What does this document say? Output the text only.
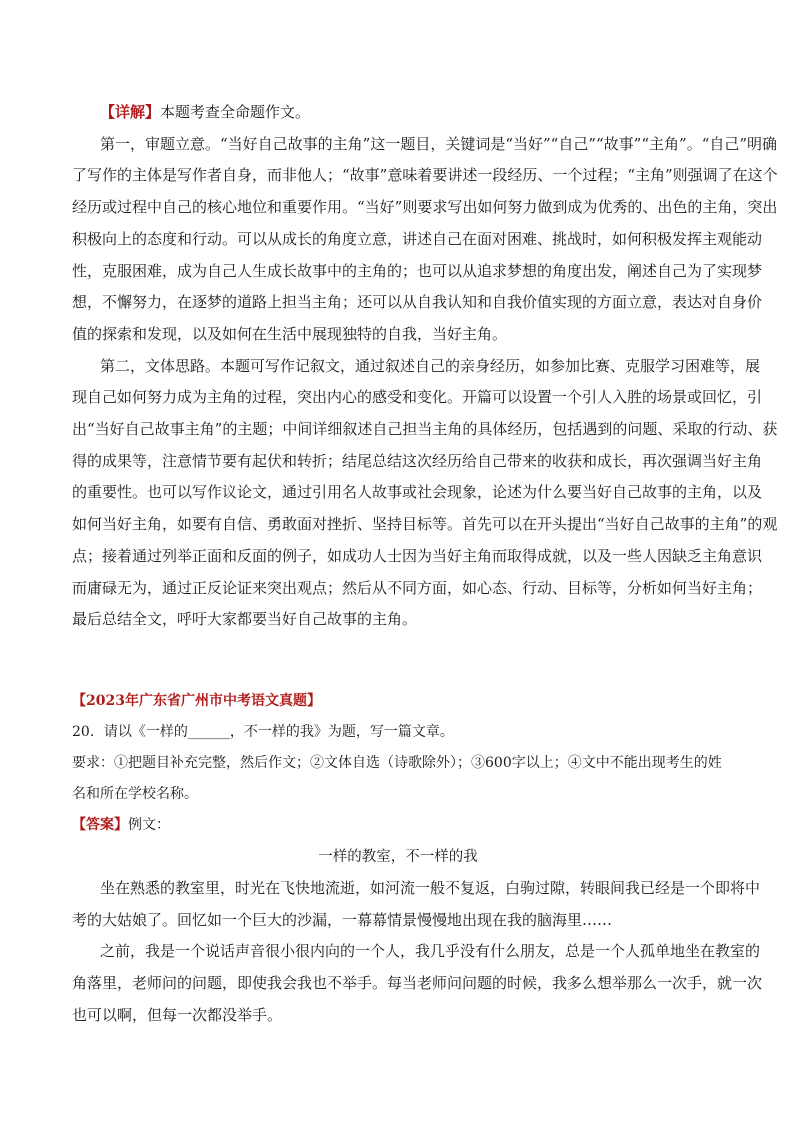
【详解】本题考查全命题作文。
第一，审题立意。“当好自己故事的主角”这一题目，关键词是“当好”“自己”“故事”“主角”。“自己”明确
了写作的主体是写作者自身，而非他人；“故事”意味着要讲述一段经历、一个过程；“主角”则强调了在这个
经历或过程中自己的核心地位和重要作用。“当好”则要求写出如何努力做到成为优秀的、出色的主角，突出
积极向上的态度和行动。可以从成长的角度立意，讲述自己在面对困难、挑战时，如何积极发挥主观能动
性，克服困难，成为自己人生成长故事中的主角的；也可以从追求梦想的角度出发，阐述自己为了实现梦
想，不懈努力，在逐梦的道路上担当主角；还可以从自我认知和自我价值实现的方面立意，表达对自身价
值的探索和发现，以及如何在生活中展现独特的自我，当好主角。
第二，文体思路。本题可写作记叙文，通过叙述自己的亲身经历，如参加比赛、克服学习困难等，展
现自己如何努力成为主角的过程，突出内心的感受和变化。开篇可以设置一个引人入胜的场景或回忆，引
出“当好自己故事主角”的主题；中间详细叙述自己担当主角的具体经历，包括遇到的问题、采取的行动、获
得的成果等，注意情节要有起伏和转折；结尾总结这次经历给自己带来的收获和成长，再次强调当好主角
的重要性。也可以写作议论文，通过引用名人故事或社会现象，论述为什么要当好自己故事的主角，以及
如何当好主角，如要有自信、勇敢面对挫折、坚持目标等。首先可以在开头提出“当好自己故事的主角”的观
点；接着通过列举正面和反面的例子，如成功人士因为当好主角而取得成就，以及一些人因缺乏主角意识
而庸碌无为，通过正反论证来突出观点；然后从不同方面，如心态、行动、目标等，分析如何当好主角；
最后总结全文，呼吁大家都要当好自己故事的主角。
【2023年广东省广州市中考语文真题】
20．请以《一样的______，不一样的我》为题，写一篇文章。
要求：①把题目补充完整，然后作文；②文体自选（诗歌除外）；③600字以上；④文中不能出现考生的姓
名和所在学校名称。
【答案】例文：
一样的教室，不一样的我
坐在熟悉的教室里，时光在飞快地流逝，如河流一般不复返，白驹过隙，转眼间我已经是一个即将中
考的大姑娘了。回忆如一个巨大的沙漏，一幕幕情景慢慢地出现在我的脑海里……
之前，我是一个说话声音很小很内向的一个人，我几乎没有什么朋友，总是一个人孤单地坐在教室的
角落里，老师问的问题，即使我会我也不举手。每当老师问问题的时候，我多么想举那么一次手，就一次
也可以啊，但每一次都没举手。
